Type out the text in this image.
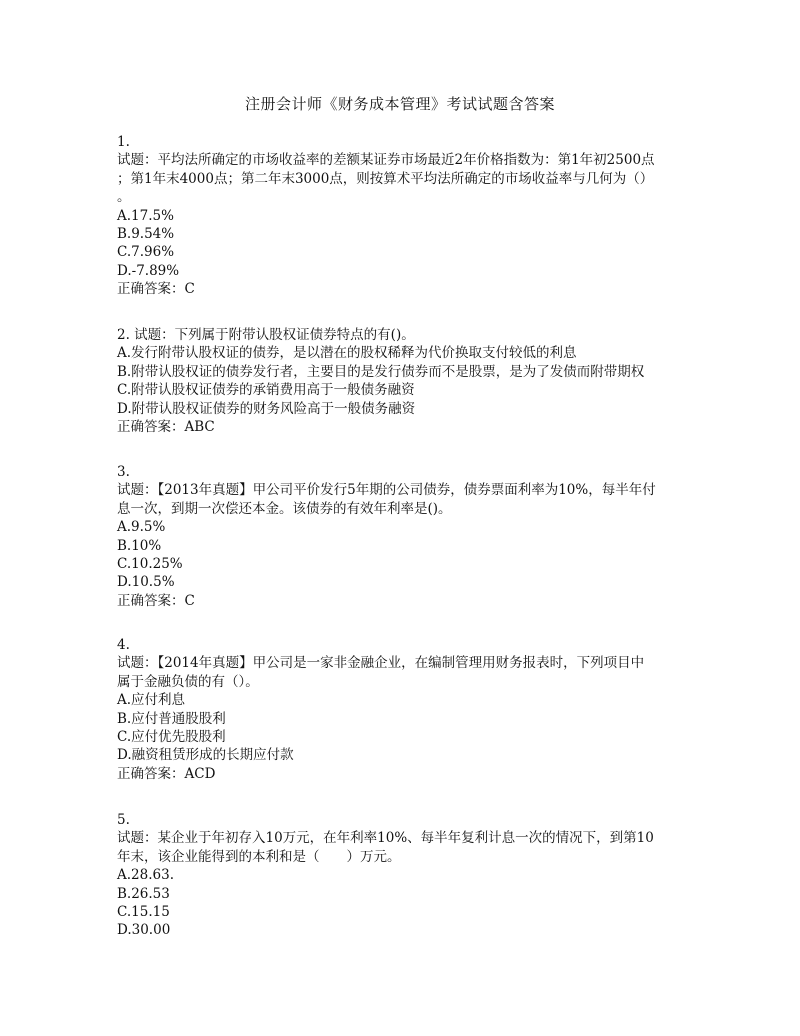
注册会计师《财务成本管理》考试试题含答案
1.
试题：平均法所确定的市场收益率的差额某证券市场最近2年价格指数为：第1年初2500点
；第1年末4000点；第二年末3000点，则按算术平均法所确定的市场收益率与几何为（）
。
A.17.5%
B.9.54%
C.7.96%
D.-7.89%
正确答案：C
2. 试题：下列属于附带认股权证债券特点的有()。
A.发行附带认股权证的债券，是以潜在的股权稀释为代价换取支付较低的利息
B.附带认股权证的债券发行者，主要目的是发行债券而不是股票，是为了发债而附带期权
C.附带认股权证债券的承销费用高于一般债务融资
D.附带认股权证债券的财务风险高于一般债务融资
正确答案：ABC
3.
试题：【2013年真题】甲公司平价发行5年期的公司债券，债券票面利率为10%，每半年付
息一次，到期一次偿还本金。该债券的有效年利率是()。
A.9.5%
B.10%
C.10.25%
D.10.5%
正确答案：C
4.
试题：【2014年真题】甲公司是一家非金融企业，在编制管理用财务报表时，下列项目中
属于金融负债的有（）。
A.应付利息
B.应付普通股股利
C.应付优先股股利
D.融资租赁形成的长期应付款
正确答案：ACD
5.
试题：某企业于年初存入10万元，在年利率10%、每半年复利计息一次的情况下，到第10
年末，该企业能得到的本利和是（　　）万元。
A.28.63.
B.26.53
C.15.15
D.30.00
